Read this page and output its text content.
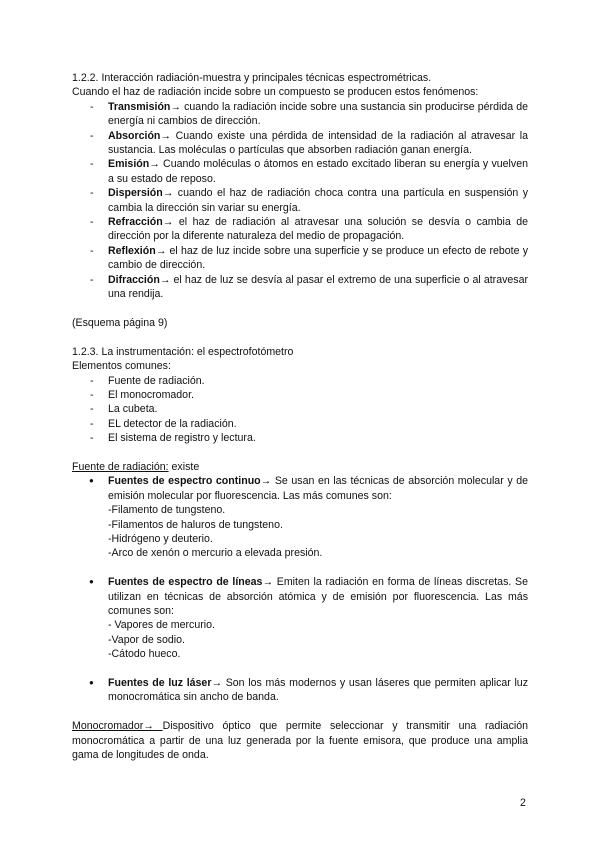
1.2.2. Interacción radiación-muestra y principales técnicas espectrométricas.

Cuando el haz de radiación incide sobre un compuesto se producen estos fenómenos:

- Transmisión→ cuando la radiación incide sobre una sustancia sin producirse pérdida de energía ni cambios de dirección.
- Absorción→ Cuando existe una pérdida de intensidad de la radiación al atravesar la sustancia. Las moléculas o partículas que absorben radiación ganan energía.
- Emisión→ Cuando moléculas o átomos en estado excitado liberan su energía y vuelven a su estado de reposo.
- Dispersión→ cuando el haz de radiación choca contra una partícula en suspensión y cambia la dirección sin variar su energía.
- Refracción→ el haz de radiación al atravesar una solución se desvía o cambia de dirección por la diferente naturaleza del medio de propagación.
- Reflexión→ el haz de luz incide sobre una superficie y se produce un efecto de rebote y cambio de dirección.
- Difracción→ el haz de luz se desvía al pasar el extremo de una superficie o al atravesar una rendija.

(Esquema página 9)

1.2.3. La instrumentación: el espectrofotómetro

Elementos comunes:

- Fuente de radiación.
- El monocromador.
- La cubeta.
- EL detector de la radiación.
- El sistema de registro y lectura.

Fuente de radiación: existe

● Fuentes de espectro continuo→ Se usan en las técnicas de absorción molecular y de emisión molecular por fluorescencia. Las más comunes son:
-Filamento de tungsteno.
-Filamentos de haluros de tungsteno.
-Hidrógeno y deuterio.
-Arco de xenón o mercurio a elevada presión.
● Fuentes de espectro de líneas→ Emiten la radiación en forma de líneas discretas. Se utilizan en técnicas de absorción atómica y de emisión por fluorescencia. Las más comunes son:
- Vapores de mercurio.
-Vapor de sodio.
-Cátodo hueco.
● Fuentes de luz láser→ Son los más modernos y usan láseres que permiten aplicar luz monocromática sin ancho de banda.

Monocromador→ Dispositivo óptico que permite seleccionar y transmitir una radiación monocromática a partir de una luz generada por la fuente emisora, que produce una amplia gama de longitudes de onda.

2
